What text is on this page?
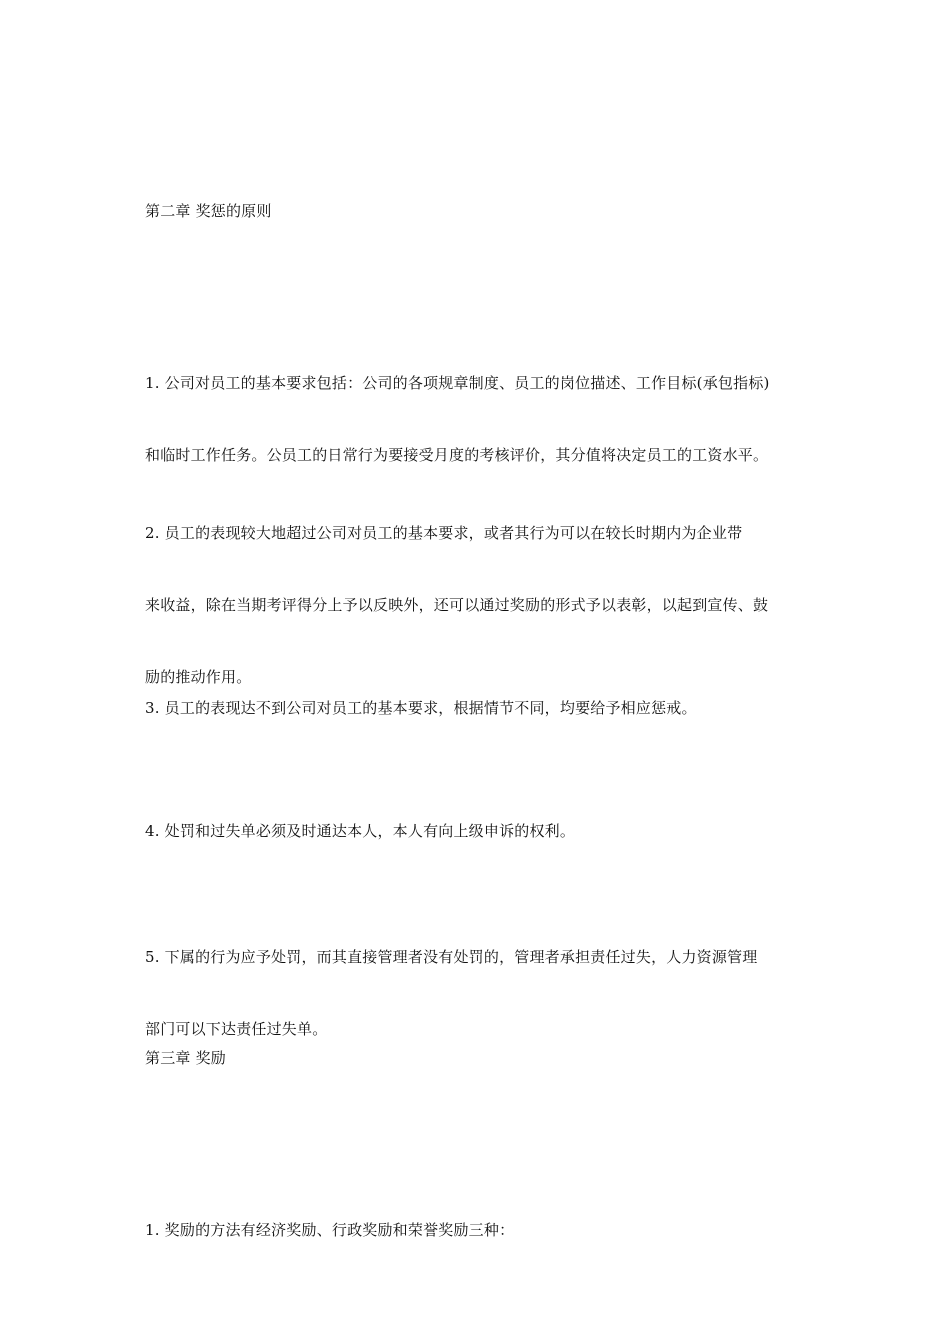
第二章 奖惩的原则

1. 公司对员工的基本要求包括：公司的各项规章制度、员工的岗位描述、工作目标(承包指标)

和临时工作任务。公员工的日常行为要接受月度的考核评价，其分值将决定员工的工资水平。

2. 员工的表现较大地超过公司对员工的基本要求，或者其行为可以在较长时期内为企业带

来收益，除在当期考评得分上予以反映外，还可以通过奖励的形式予以表彰，以起到宣传、鼓

励的推动作用。

3. 员工的表现达不到公司对员工的基本要求，根据情节不同，均要给予相应惩戒。

4. 处罚和过失单必须及时通达本人，本人有向上级申诉的权利。

5. 下属的行为应予处罚，而其直接管理者没有处罚的，管理者承担责任过失，人力资源管理

部门可以下达责任过失单。

第三章 奖励

1. 奖励的方法有经济奖励、行政奖励和荣誉奖励三种：
